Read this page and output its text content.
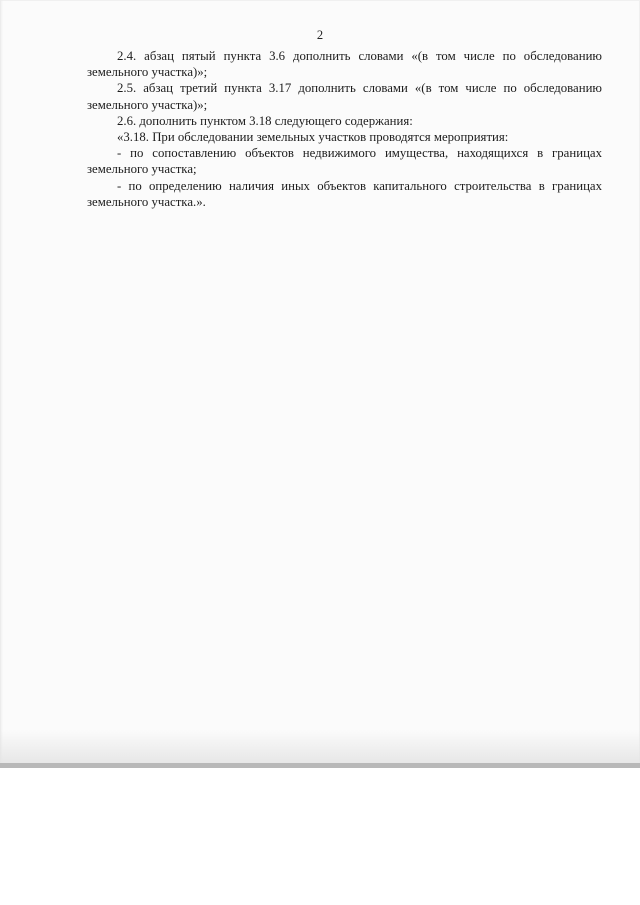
2

2.4. абзац пятый пункта 3.6 дополнить словами «(в том числе по обследованию земельного участка)»;

2.5. абзац третий пункта 3.17 дополнить словами «(в том числе по обследованию земельного участка)»;

2.6. дополнить пунктом 3.18 следующего содержания:

«3.18. При обследовании земельных участков проводятся мероприятия:

- по сопоставлению объектов недвижимого имущества, находящихся в границах земельного участка;

- по определению наличия иных объектов капитального строительства в границах земельного участка.».
